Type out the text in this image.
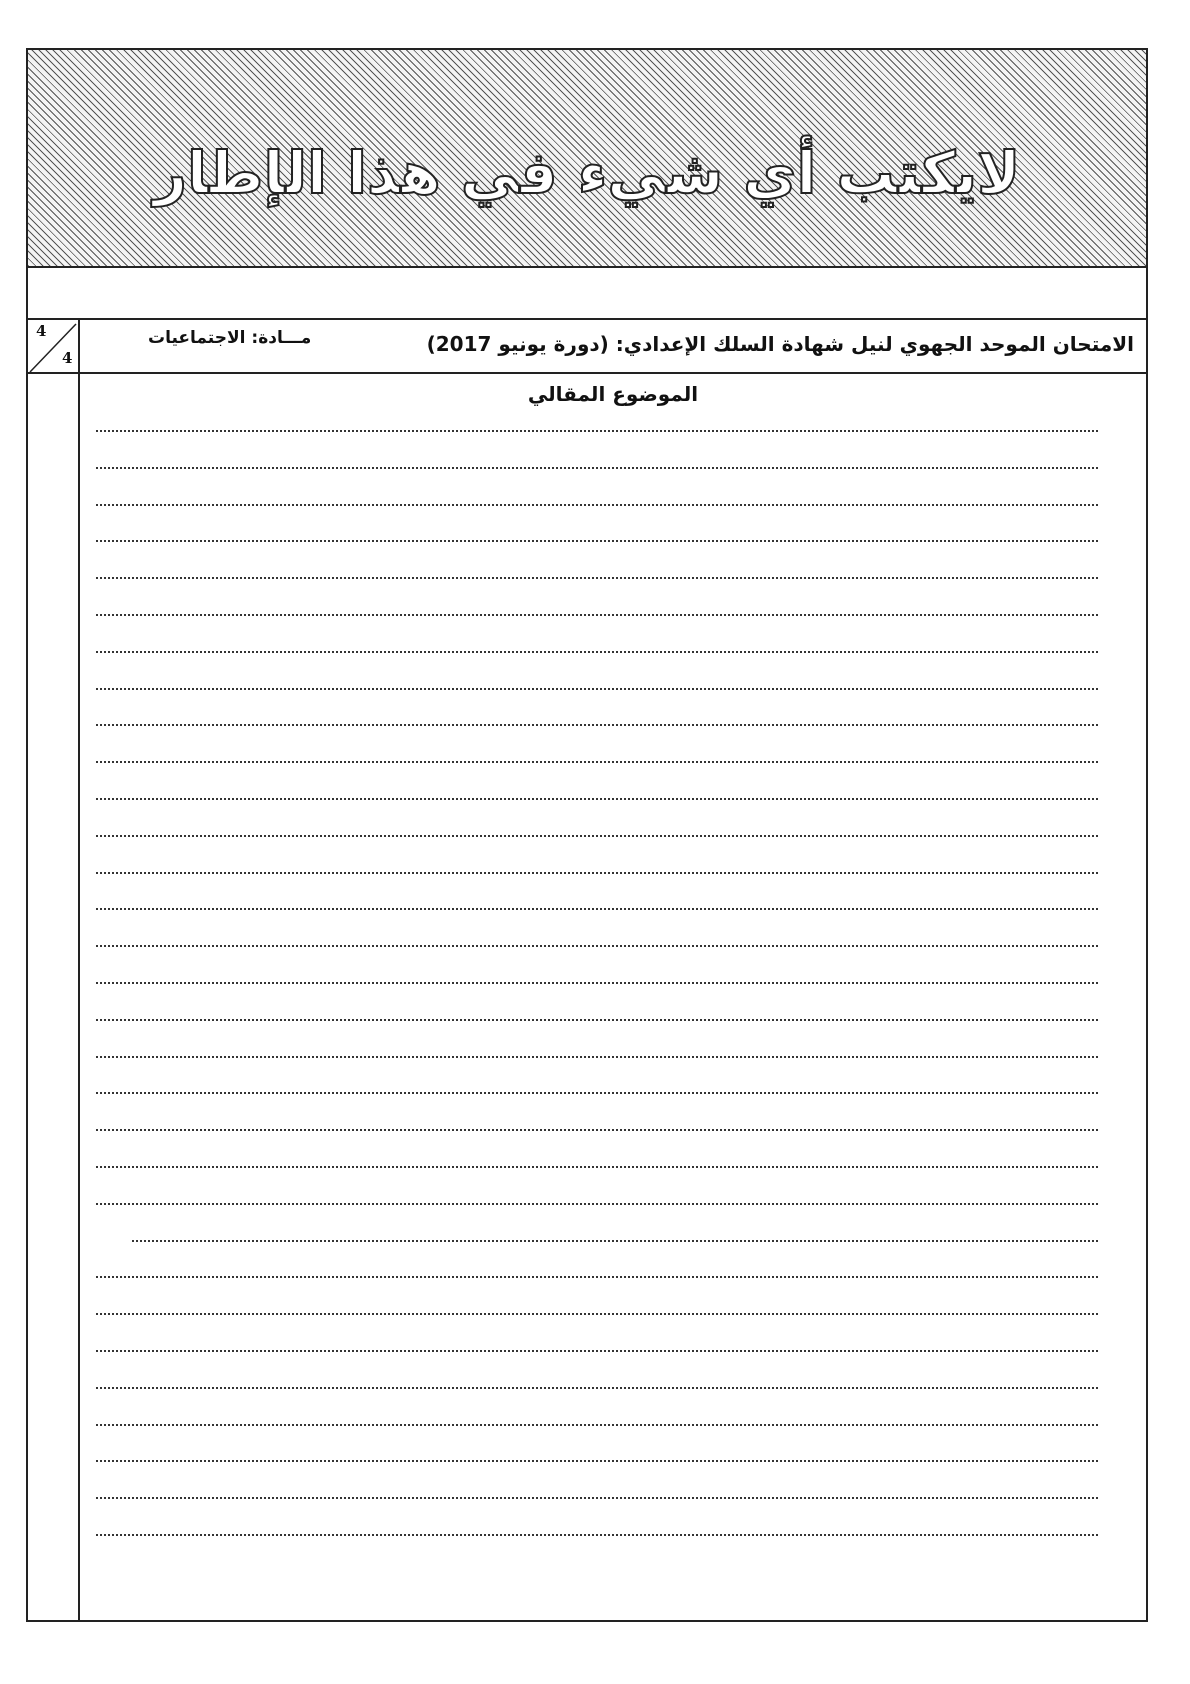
لايكتب أي شيء في هذا الإطار
4
4
مـــادة: الاجتماعيات	الامتحان الموحد الجهوي لنيل شهادة السلك الإعدادي: (دورة يونيو 2017)
الموضوع المقالي
